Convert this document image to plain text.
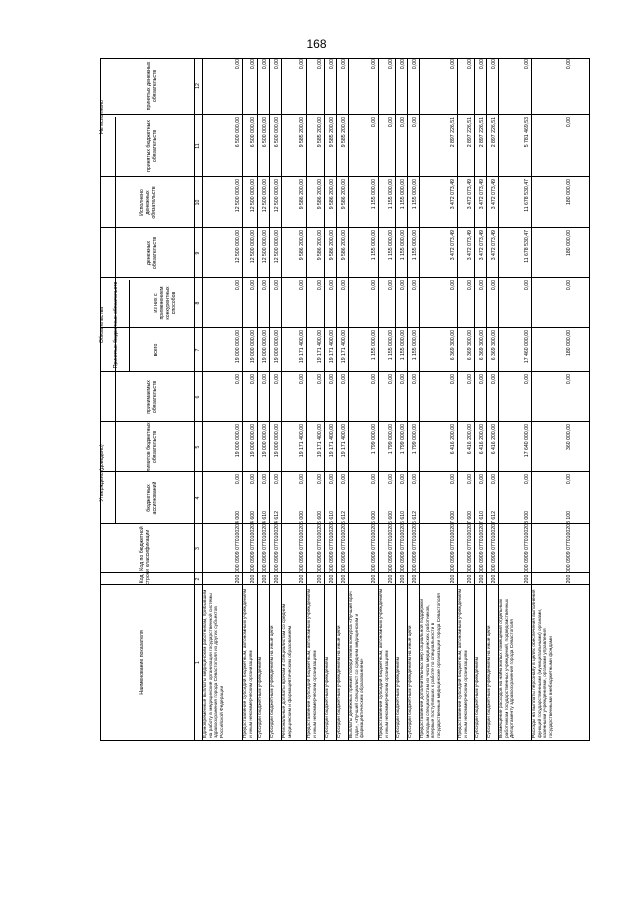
168
Наименование показателя
Код строки
Код по бюджетной классификации
Утверждено (доведено)
Обязательства
Не исполнено
бюджетных ассигнований
лимитов бюджетных обязательств
принимаемых обязательств
Принятых бюджетных обязательств	всего
из них с применением конкурентных способов
денежных обязательств
Исполнено денежных обязательств
принятых бюджетных обязательств
принятых денежных обязательств
1
2
3
4
5
6
7
8
9
10
11
12
Единовременные выплаты медицинским работникам, прибывшим на работу в медицинские организации государственной системы здравоохранения города Севастополя из других субъектов Российской Федерации
200
000 0909 0770100204 000
0,00
19 000 000,00
0,00
19 000 000,00
0,00
12 500 000,00
12 500 000,00
6 500 000,00
0,00
Предоставление субсидий бюджетным, автономным учреждениям и иным некоммерческим организациям
200
000 0909 0770100204 600
0,00
19 000 000,00
0,00
19 000 000,00
0,00
12 500 000,00
12 500 000,00
6 500 000,00
0,00
Субсидии бюджетным учреждениям
200
000 0909 0770100204 610
0,00
19 000 000,00
0,00
19 000 000,00
0,00
12 500 000,00
12 500 000,00
6 500 000,00
0,00
Субсидии бюджетным учреждениям на иные цели
200
000 0909 0770100204 612
0,00
19 000 000,00
0,00
19 000 000,00
0,00
12 500 000,00
12 500 000,00
6 500 000,00
0,00
Региональные доплаты врачам и специалистам со средним медицинским и фармацевтическим образованием
200
000 0909 0770100205 000
0,00
19 171 400,00
0,00
19 171 400,00
0,00
9 586 200,00
9 586 200,00
9 585 200,00
0,00
Предоставление субсидий бюджетным, автономным учреждениям и иным некоммерческим организациям
200
000 0909 0770100205 600
0,00
19 171 400,00
0,00
19 171 400,00
0,00
9 586 200,00
9 586 200,00
9 585 200,00
0,00
Субсидии бюджетным учреждениям
200
000 0909 0770100205 610
0,00
19 171 400,00
0,00
19 171 400,00
0,00
9 586 200,00
9 586 200,00
9 585 200,00
0,00
Субсидии бюджетным учреждениям на иные цели
200
000 0909 0770100205 612
0,00
19 171 400,00
0,00
19 171 400,00
0,00
9 586 200,00
9 586 200,00
9 585 200,00
0,00
Выплаты денежных премий победителям конкурса «Лучший врач года», «Лучший специалист со средним медицинским и фармацевтическим образованием»
200
000 0909 0770100206 000
0,00
1 799 000,00
0,00
1 155 000,00
0,00
1 155 000,00
1 155 000,00
0,00
0,00
Предоставление субсидий бюджетным, автономным учреждениям и иным некоммерческим организациям
200
000 0909 0770100206 600
0,00
1 799 000,00
0,00
1 155 000,00
0,00
1 155 000,00
1 155 000,00
0,00
0,00
Субсидии бюджетным учреждениям
200
000 0909 0770100206 610
0,00
1 799 000,00
0,00
1 155 000,00
0,00
1 155 000,00
1 155 000,00
0,00
0,00
Субсидии бюджетным учреждениям на иные цели
200
000 0909 0770100206 612
0,00
1 799 000,00
0,00
1 155 000,00
0,00
1 155 000,00
1 155 000,00
0,00
0,00
Предоставление дополнительных мер социальной поддержки молодым специалистам из числа медицинских работников, впервые поступивших к работе по специальности в государственные медицинские организации города Севастополя
200
000 0909 0770100207 000
0,00
6 416 200,00
0,00
6 369 300,00
0,00
3 472 073,49
3 472 073,49
2 897 226,51
0,00
Предоставление субсидий бюджетным, автономным учреждениям и иным некоммерческим организациям
200
000 0909 0770100207 600
0,00
6 416 200,00
0,00
6 369 300,00
0,00
3 472 073,49
3 472 073,49
2 897 226,51
0,00
Субсидии бюджетным учреждениям
200
000 0909 0770100207 610
0,00
6 416 200,00
0,00
6 369 300,00
0,00
3 472 073,49
3 472 073,49
2 897 226,51
0,00
Субсидии бюджетным учреждениям на иные цели
200
000 0909 0770100207 612
0,00
6 416 200,00
0,00
6 369 300,00
0,00
3 472 073,49
3 472 073,49
2 897 226,51
0,00
Возмещение расходов на наём жилых помещений отдельным работникам государственных учреждений, подведомственных Департаменту здравоохранения города Севастополя
200
000 0909 0770100208 000
0,00
17 640 000,00
0,00
17 460 000,00
0,00
11 678 530,47
11 678 530,47
5 781 469,53
0,00
Расходы на выплаты персоналу в целях обеспечения выполнения функций государственными (муниципальными) органами, казенными учреждениями, органами управления государственными внебюджетными фондами
200
000 0909 0770100208 100
0,00
360 000,00
0,00
180 000,00
0,00
180 000,00
180 000,00
0,00
0,00
